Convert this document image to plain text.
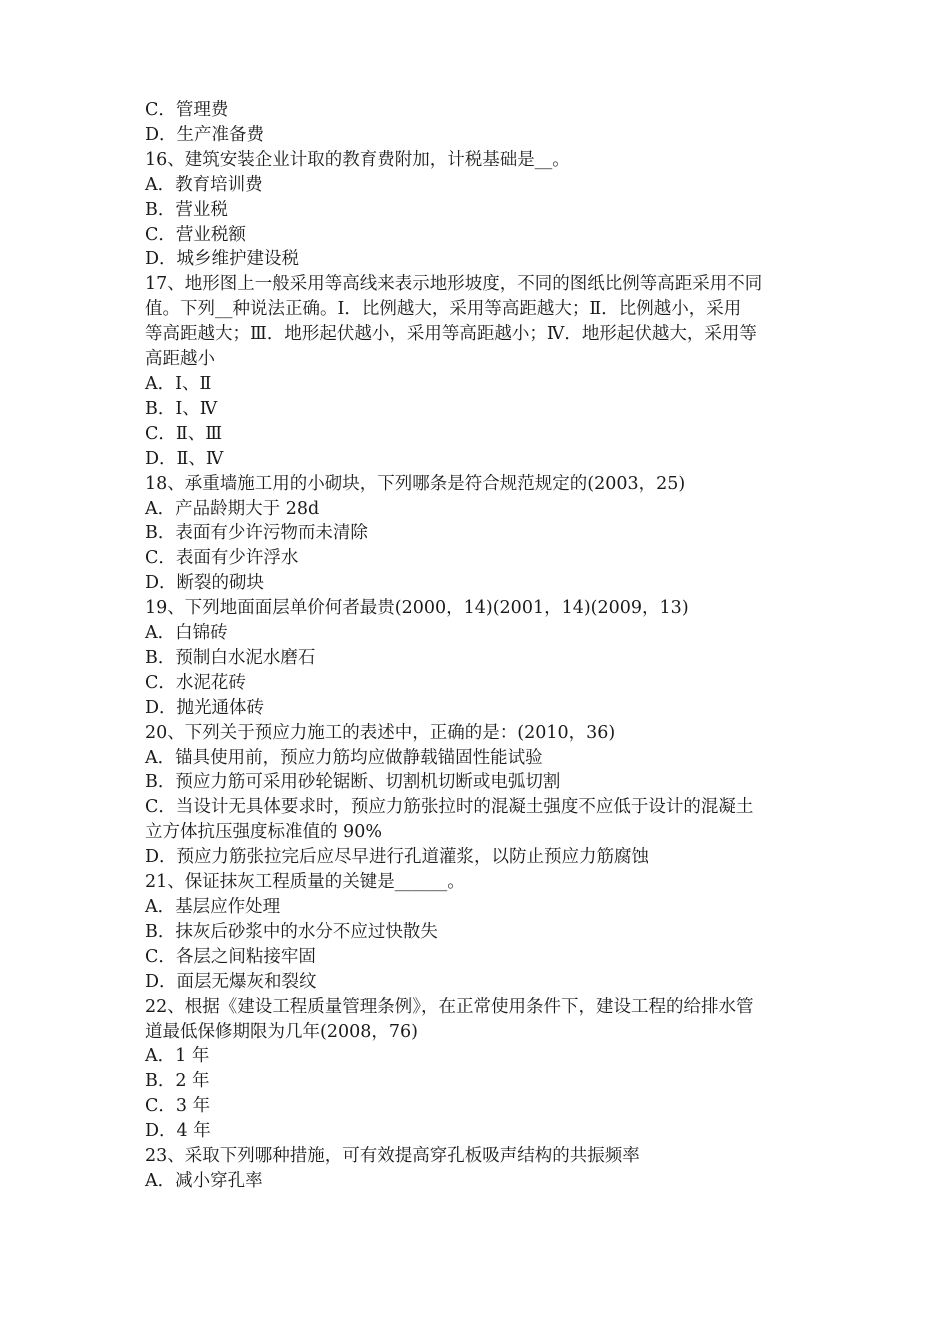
C．管理费

D．生产准备费

16、建筑安装企业计取的教育费附加，计税基础是__。

A．教育培训费

B．营业税

C．营业税额

D．城乡维护建设税

17、地形图上一般采用等高线来表示地形坡度，不同的图纸比例等高距采用不同

值。下列__种说法正确。Ⅰ．比例越大，采用等高距越大；Ⅱ．比例越小，采用

等高距越大；Ⅲ．地形起伏越小，采用等高距越小；Ⅳ．地形起伏越大，采用等

高距越小

A．Ⅰ、Ⅱ

B．Ⅰ、Ⅳ

C．Ⅱ、Ⅲ

D．Ⅱ、Ⅳ

18、承重墙施工用的小砌块，下列哪条是符合规范规定的(2003，25)

A．产品龄期大于 28d

B．表面有少许污物而未清除

C．表面有少许浮水

D．断裂的砌块

19、下列地面面层单价何者最贵(2000，14)(2001，14)(2009，13)

A．白锦砖

B．预制白水泥水磨石

C．水泥花砖

D．抛光通体砖

20、下列关于预应力施工的表述中，正确的是：(2010，36)

A．锚具使用前，预应力筋均应做静载锚固性能试验

B．预应力筋可采用砂轮锯断、切割机切断或电弧切割

C．当设计无具体要求时，预应力筋张拉时的混凝土强度不应低于设计的混凝土

立方体抗压强度标准值的 90%

D．预应力筋张拉完后应尽早进行孔道灌浆，以防止预应力筋腐蚀

21、保证抹灰工程质量的关键是______。

A．基层应作处理

B．抹灰后砂浆中的水分不应过快散失

C．各层之间粘接牢固

D．面层无爆灰和裂纹

22、根据《建设工程质量管理条例》，在正常使用条件下，建设工程的给排水管

道最低保修期限为几年(2008，76)

A．1 年

B．2 年

C．3 年

D．4 年

23、采取下列哪种措施，可有效提高穿孔板吸声结构的共振频率

A．减小穿孔率
